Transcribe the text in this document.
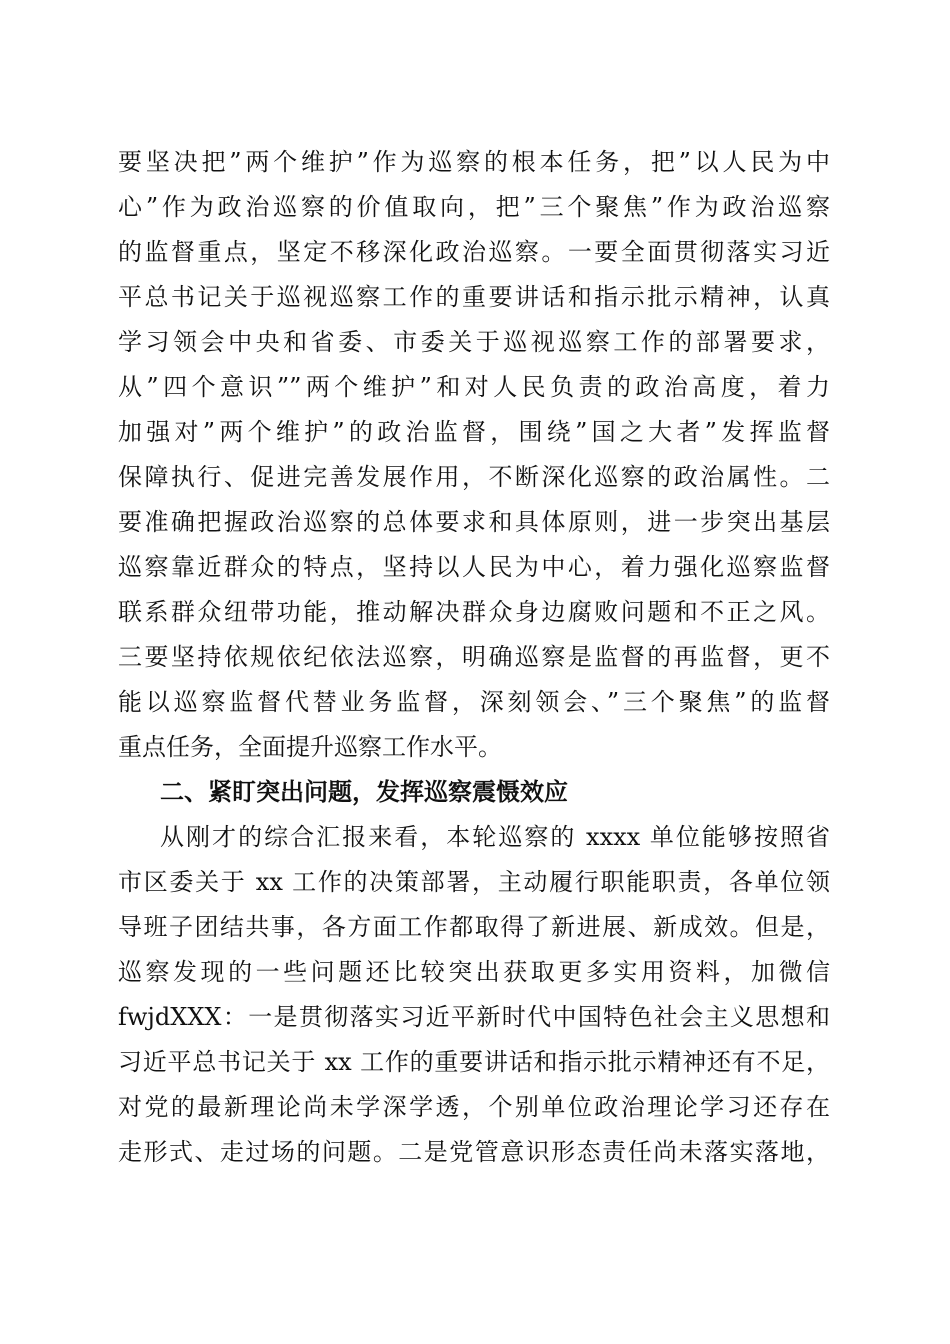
要坚决把”两个维护”作为巡察的根本任务，把”以人民为中
心”作为政治巡察的价值取向，把”三个聚焦”作为政治巡察
的监督重点，坚定不移深化政治巡察。一要全面贯彻落实习近
平总书记关于巡视巡察工作的重要讲话和指示批示精神，认真
学习领会中央和省委、市委关于巡视巡察工作的部署要求，
从”四个意识””两个维护”和对人民负责的政治高度，着力
加强对”两个维护”的政治监督，围绕”国之大者”发挥监督
保障执行、促进完善发展作用，不断深化巡察的政治属性。二
要准确把握政治巡察的总体要求和具体原则，进一步突出基层
巡察靠近群众的特点，坚持以人民为中心，着力强化巡察监督
联系群众纽带功能，推动解决群众身边腐败问题和不正之风。
三要坚持依规依纪依法巡察，明确巡察是监督的再监督，更不
能以巡察监督代替业务监督，深刻领会、”三个聚焦”的监督
重点任务，全面提升巡察工作水平。
二、紧盯突出问题，发挥巡察震慑效应
从刚才的综合汇报来看，本轮巡察的 xxxx 单位能够按照省
市区委关于 xx 工作的决策部署，主动履行职能职责，各单位领
导班子团结共事，各方面工作都取得了新进展、新成效。但是，
巡察发现的一些问题还比较突出获取更多实用资料，加微信
fwjdXXX：一是贯彻落实习近平新时代中国特色社会主义思想和
习近平总书记关于 xx 工作的重要讲话和指示批示精神还有不足，
对党的最新理论尚未学深学透，个别单位政治理论学习还存在
走形式、走过场的问题。二是党管意识形态责任尚未落实落地，
